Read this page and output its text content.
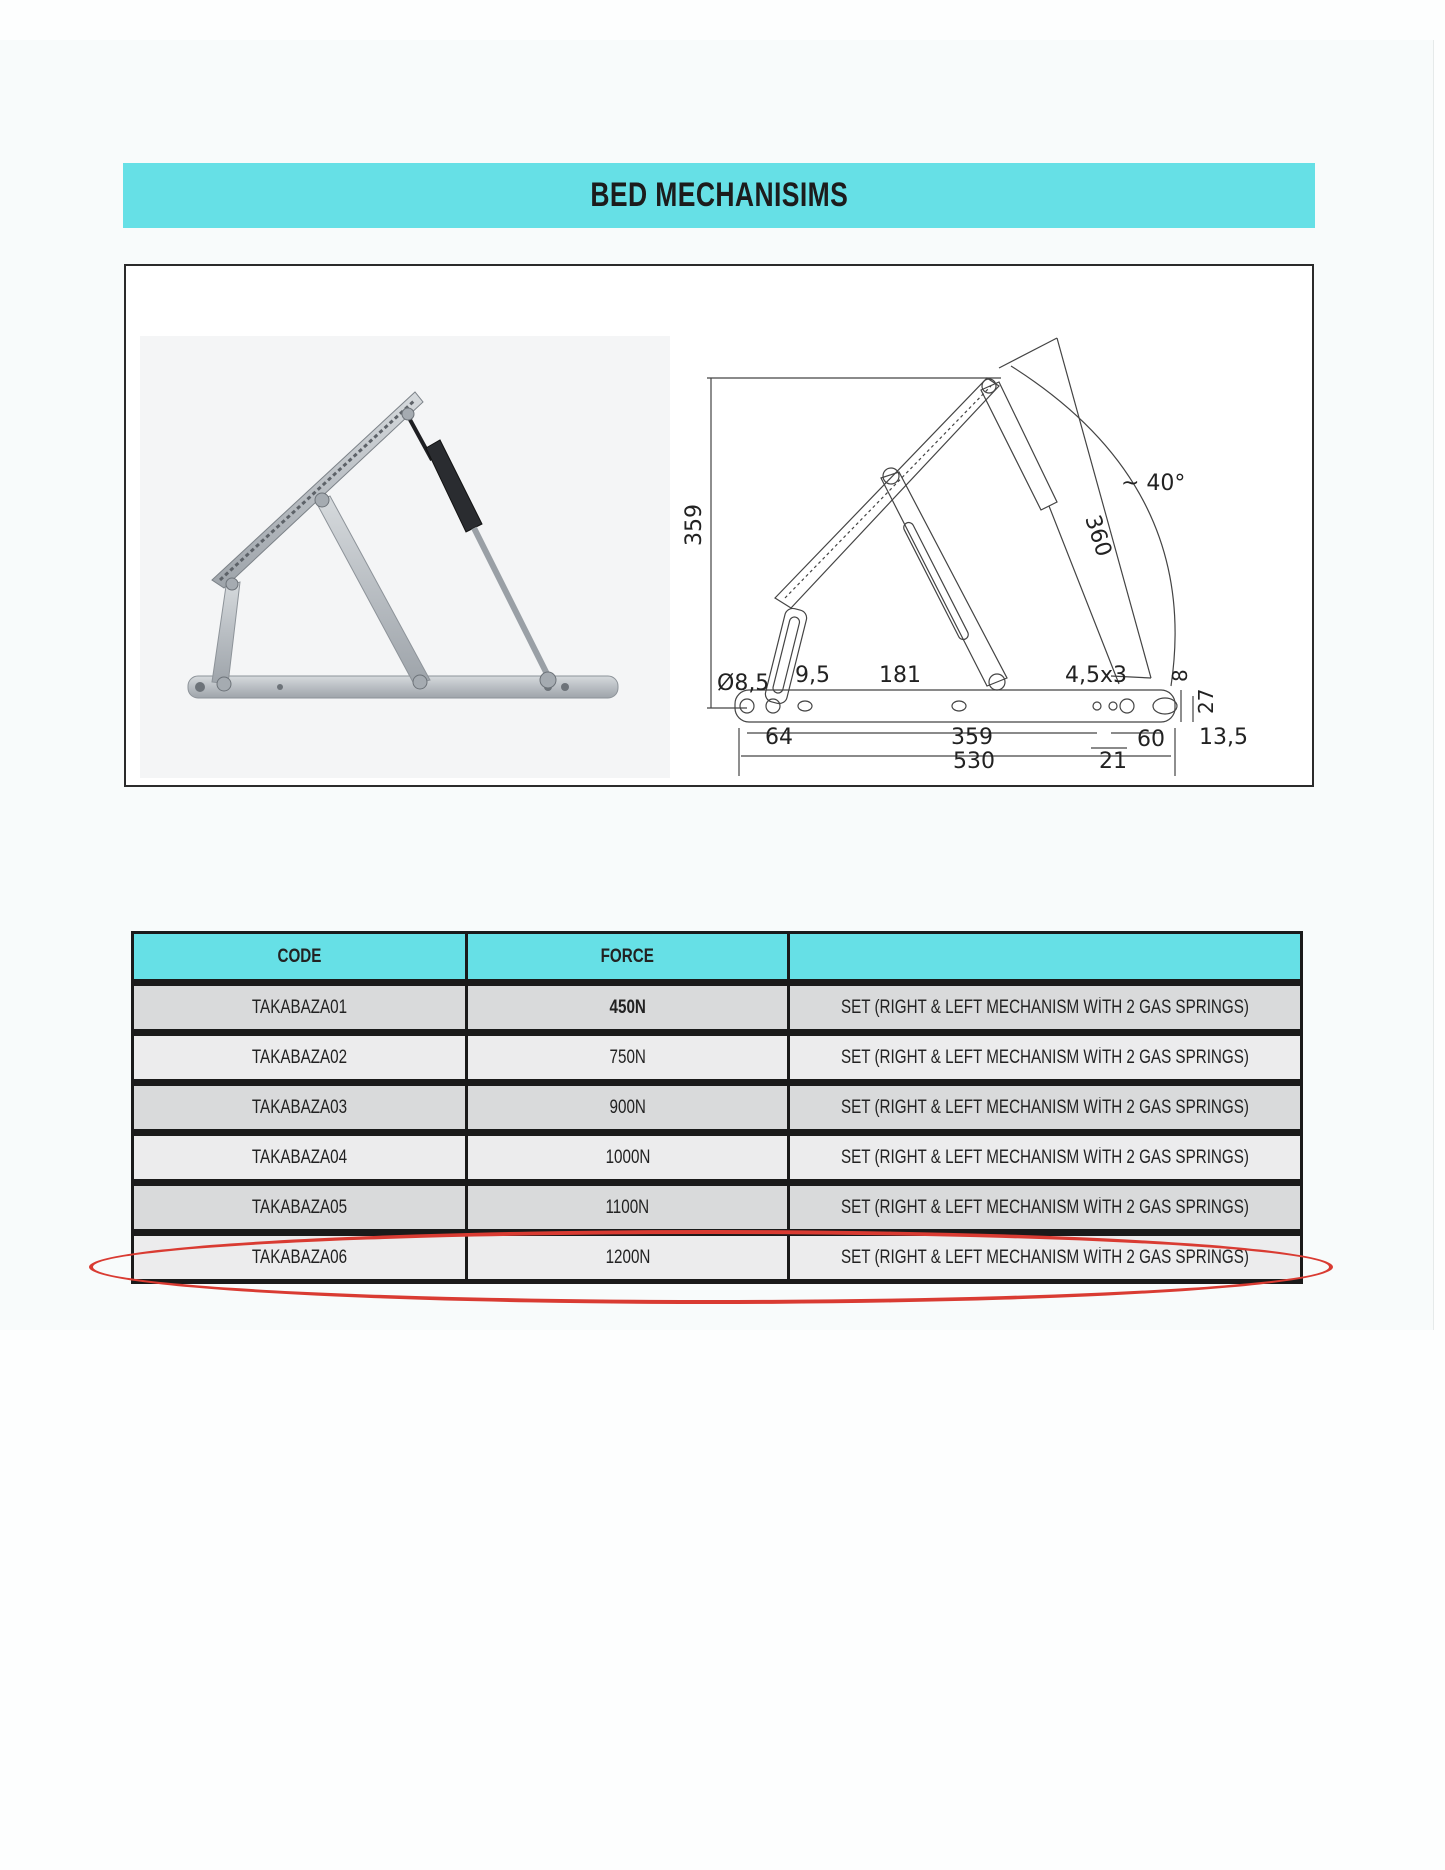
BED MECHANISIMS
359	360
~ 40°
Ø8,5 9,5 181	4,5x3 8
27
64	359	60 13,5
530	21
CODE	FORCE	
TAKABAZA01	450N	SET (RIGHT & LEFT MECHANISM WİTH 2 GAS SPRINGS)
TAKABAZA02	750N	SET (RIGHT & LEFT MECHANISM WİTH 2 GAS SPRINGS)
TAKABAZA03	900N	SET (RIGHT & LEFT MECHANISM WİTH 2 GAS SPRINGS)
TAKABAZA04	1000N	SET (RIGHT & LEFT MECHANISM WİTH 2 GAS SPRINGS)
TAKABAZA05	1100N	SET (RIGHT & LEFT MECHANISM WİTH 2 GAS SPRINGS)
TAKABAZA06	1200N	SET (RIGHT & LEFT MECHANISM WİTH 2 GAS SPRINGS)
